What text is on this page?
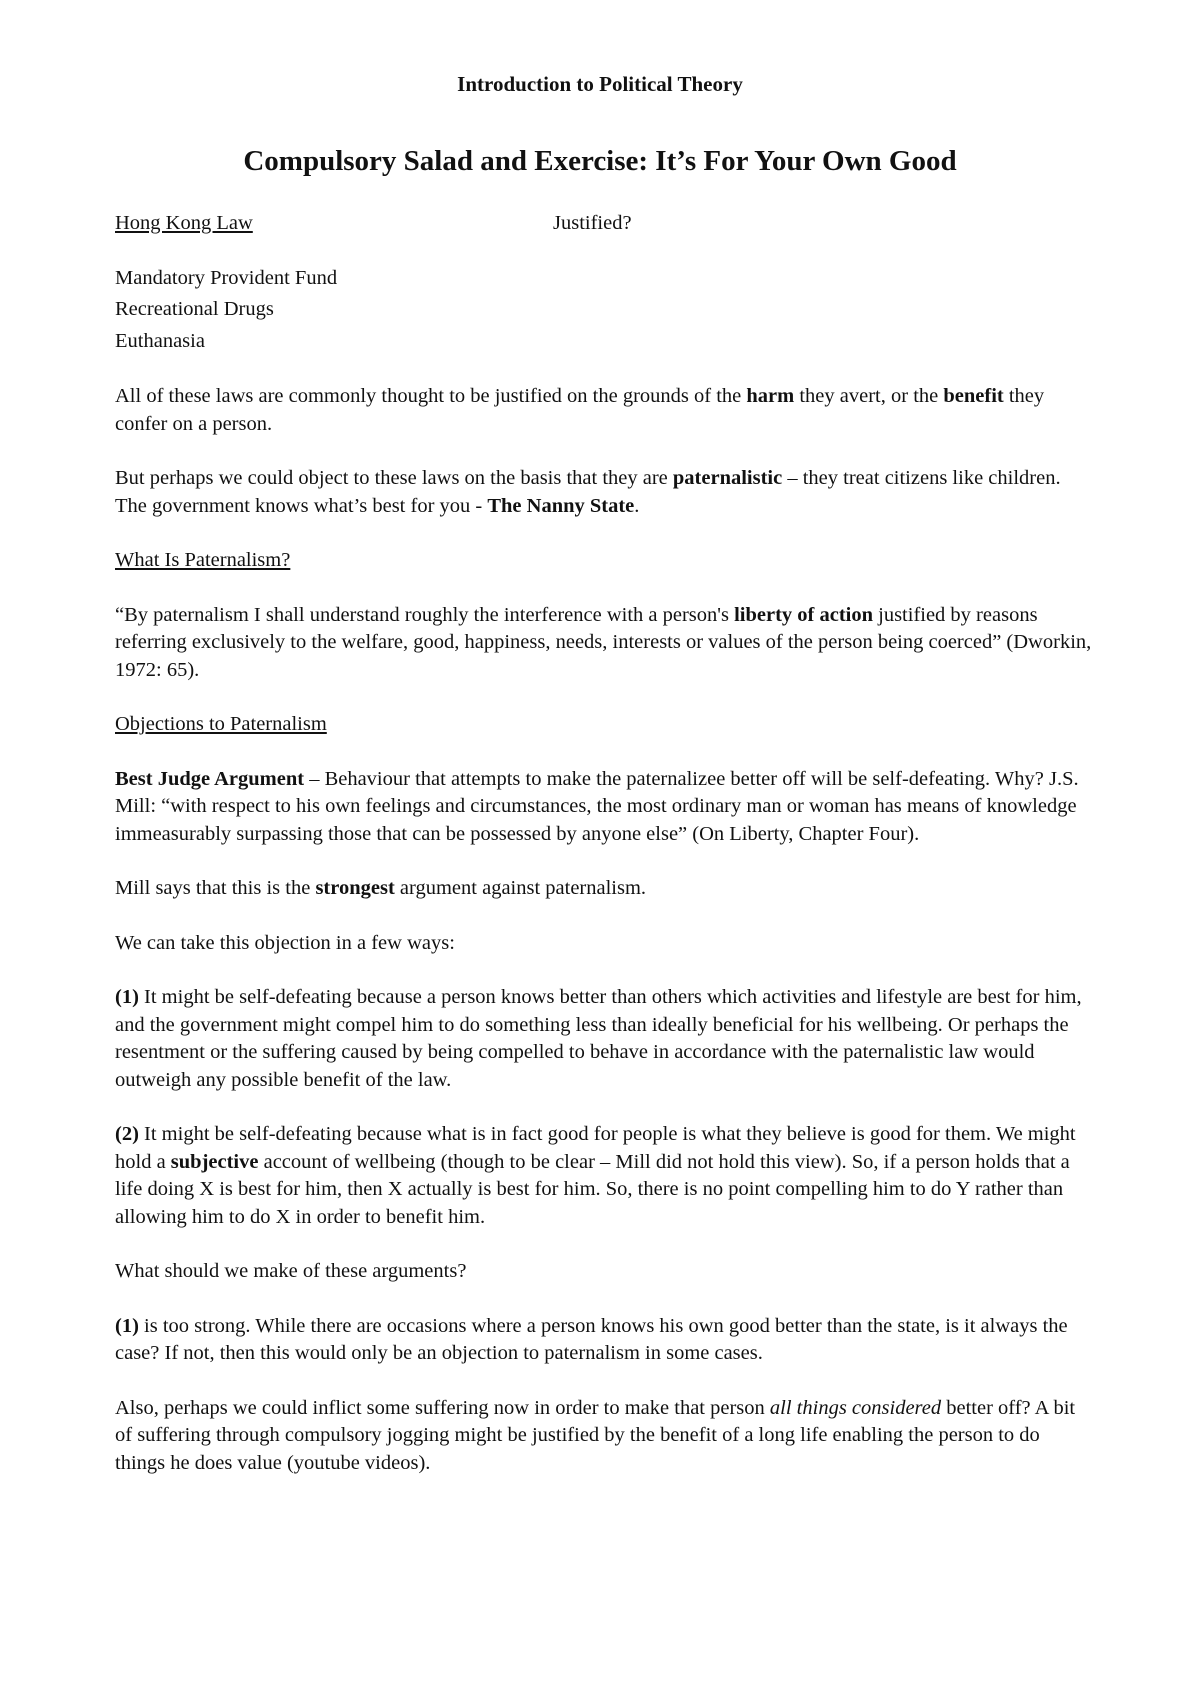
Introduction to Political Theory
Compulsory Salad and Exercise: It’s For Your Own Good
Hong Kong Law	Justified?
Mandatory Provident Fund
Recreational Drugs
Euthanasia

All of these laws are commonly thought to be justified on the grounds of the harm they avert, or the benefit they confer on a person.

But perhaps we could object to these laws on the basis that they are paternalistic – they treat citizens like children. The government knows what’s best for you - The Nanny State.

What Is Paternalism?

“By paternalism I shall understand roughly the interference with a person's liberty of action justified by reasons referring exclusively to the welfare, good, happiness, needs, interests or values of the person being coerced” (Dworkin, 1972: 65).

Objections to Paternalism

Best Judge Argument – Behaviour that attempts to make the paternalizee better off will be self-defeating. Why? J.S. Mill: “with respect to his own feelings and circumstances, the most ordinary man or woman has means of knowledge immeasurably surpassing those that can be possessed by anyone else” (On Liberty, Chapter Four).

Mill says that this is the strongest argument against paternalism.

We can take this objection in a few ways:

(1) It might be self-defeating because a person knows better than others which activities and lifestyle are best for him, and the government might compel him to do something less than ideally beneficial for his wellbeing. Or perhaps the resentment or the suffering caused by being compelled to behave in accordance with the paternalistic law would outweigh any possible benefit of the law.

(2) It might be self-defeating because what is in fact good for people is what they believe is good for them. We might hold a subjective account of wellbeing (though to be clear – Mill did not hold this view). So, if a person holds that a life doing X is best for him, then X actually is best for him. So, there is no point compelling him to do Y rather than allowing him to do X in order to benefit him.

What should we make of these arguments?

(1) is too strong. While there are occasions where a person knows his own good better than the state, is it always the case? If not, then this would only be an objection to paternalism in some cases.

Also, perhaps we could inflict some suffering now in order to make that person all things considered better off? A bit of suffering through compulsory jogging might be justified by the benefit of a long life enabling the person to do things he does value (youtube videos).
